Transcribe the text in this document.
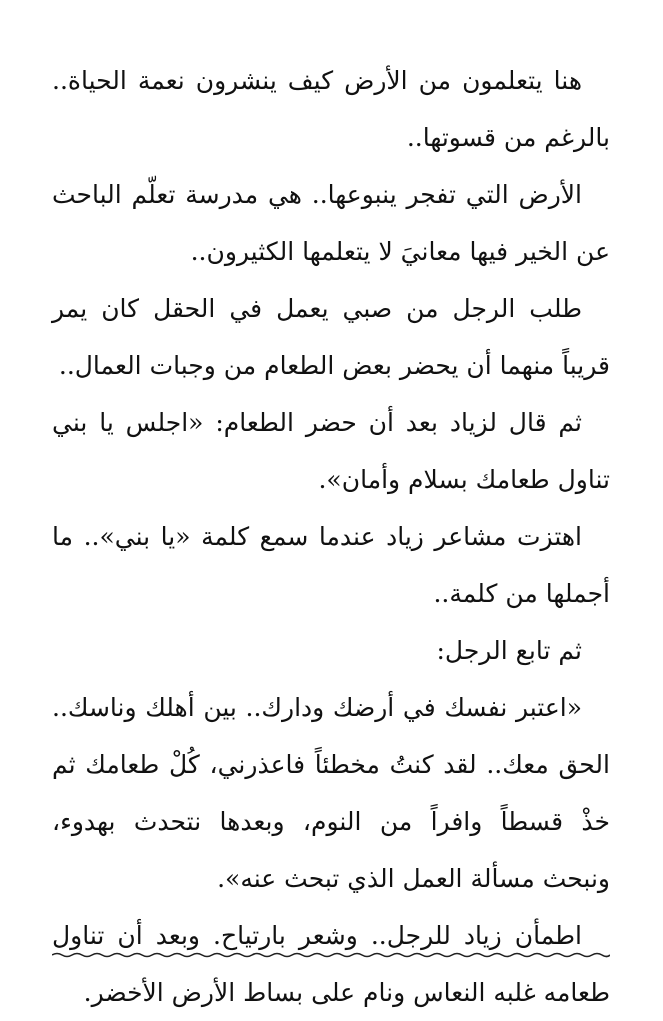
هنا يتعلمون من الأرض كيف ينشرون نعمة الحياة.. بالرغم من قسوتها..

الأرض التي تفجر ينبوعها.. هي مدرسة تعلّم الباحث عن الخير فيها معانيَ لا يتعلمها الكثيرون..

طلب الرجل من صبي يعمل في الحقل كان يمر قريباً منهما أن يحضر بعض الطعام من وجبات العمال..

ثم قال لزياد بعد أن حضر الطعام: «اجلس يا بني تناول طعامك بسلام وأمان».

اهتزت مشاعر زياد عندما سمع كلمة «يا بني».. ما أجملها من كلمة..

ثم تابع الرجل:

«اعتبر نفسك في أرضك ودارك.. بين أهلك وناسك.. الحق معك.. لقد كنتُ مخطئاً فاعذرني، كُلْ طعامك ثم خذْ قسطاً وافراً من النوم، وبعدها نتحدث بهدوء، ونبحث مسألة العمل الذي تبحث عنه».

اطمأن زياد للرجل.. وشعر بارتياح. وبعد أن تناول طعامه غلبه النعاس ونام على بساط الأرض الأخضر.
